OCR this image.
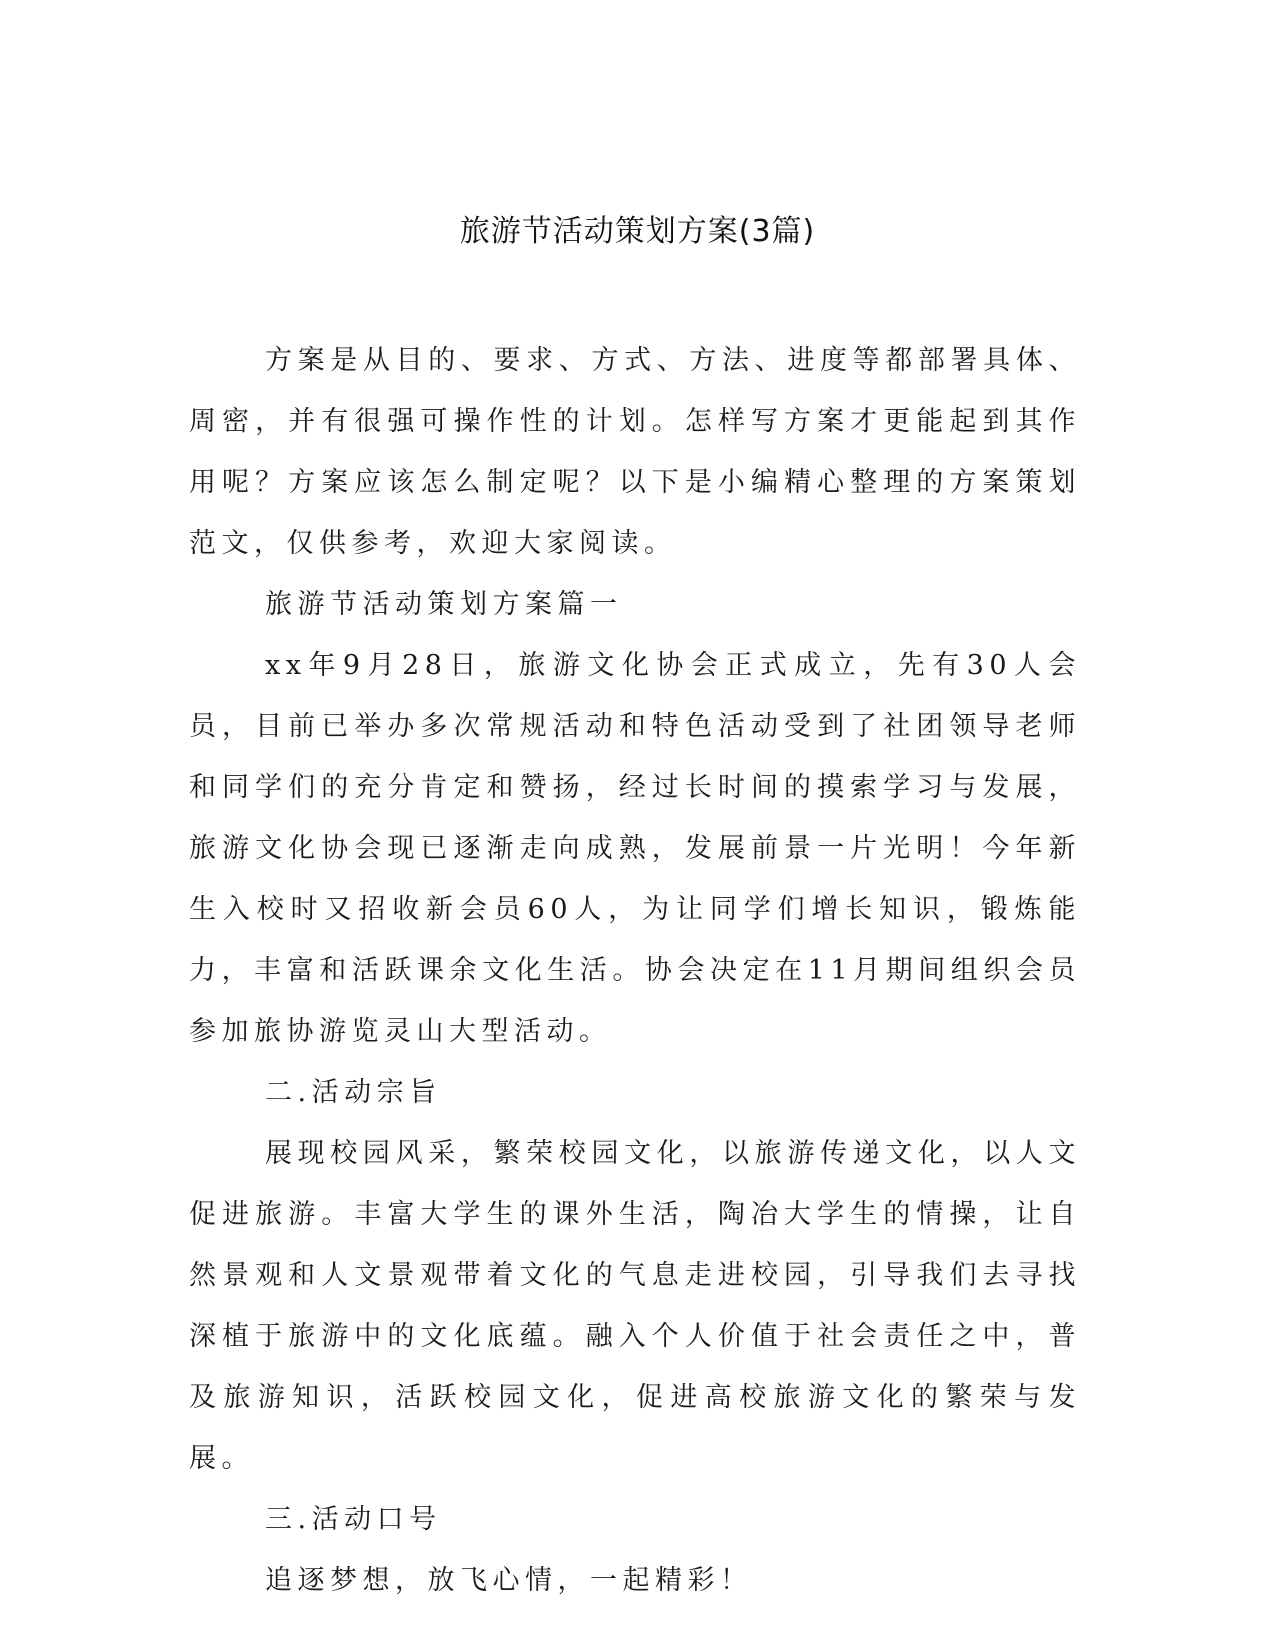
旅游节活动策划方案(3篇)

方案是从目的、要求、方式、方法、进度等都部署具体、周密，并有很强可操作性的计划。怎样写方案才更能起到其作用呢？方案应该怎么制定呢？以下是小编精心整理的方案策划范文，仅供参考，欢迎大家阅读。

旅游节活动策划方案篇一

xx年9月28日，旅游文化协会正式成立，先有30人会员，目前已举办多次常规活动和特色活动受到了社团领导老师和同学们的充分肯定和赞扬，经过长时间的摸索学习与发展，旅游文化协会现已逐渐走向成熟，发展前景一片光明！今年新生入校时又招收新会员60人，为让同学们增长知识，锻炼能力，丰富和活跃课余文化生活。协会决定在11月期间组织会员参加旅协游览灵山大型活动。

二.活动宗旨

展现校园风采，繁荣校园文化，以旅游传递文化，以人文促进旅游。丰富大学生的课外生活，陶冶大学生的情操，让自然景观和人文景观带着文化的气息走进校园，引导我们去寻找深植于旅游中的文化底蕴。融入个人价值于社会责任之中，普及旅游知识，活跃校园文化，促进高校旅游文化的繁荣与发展。

三.活动口号

追逐梦想，放飞心情，一起精彩！
